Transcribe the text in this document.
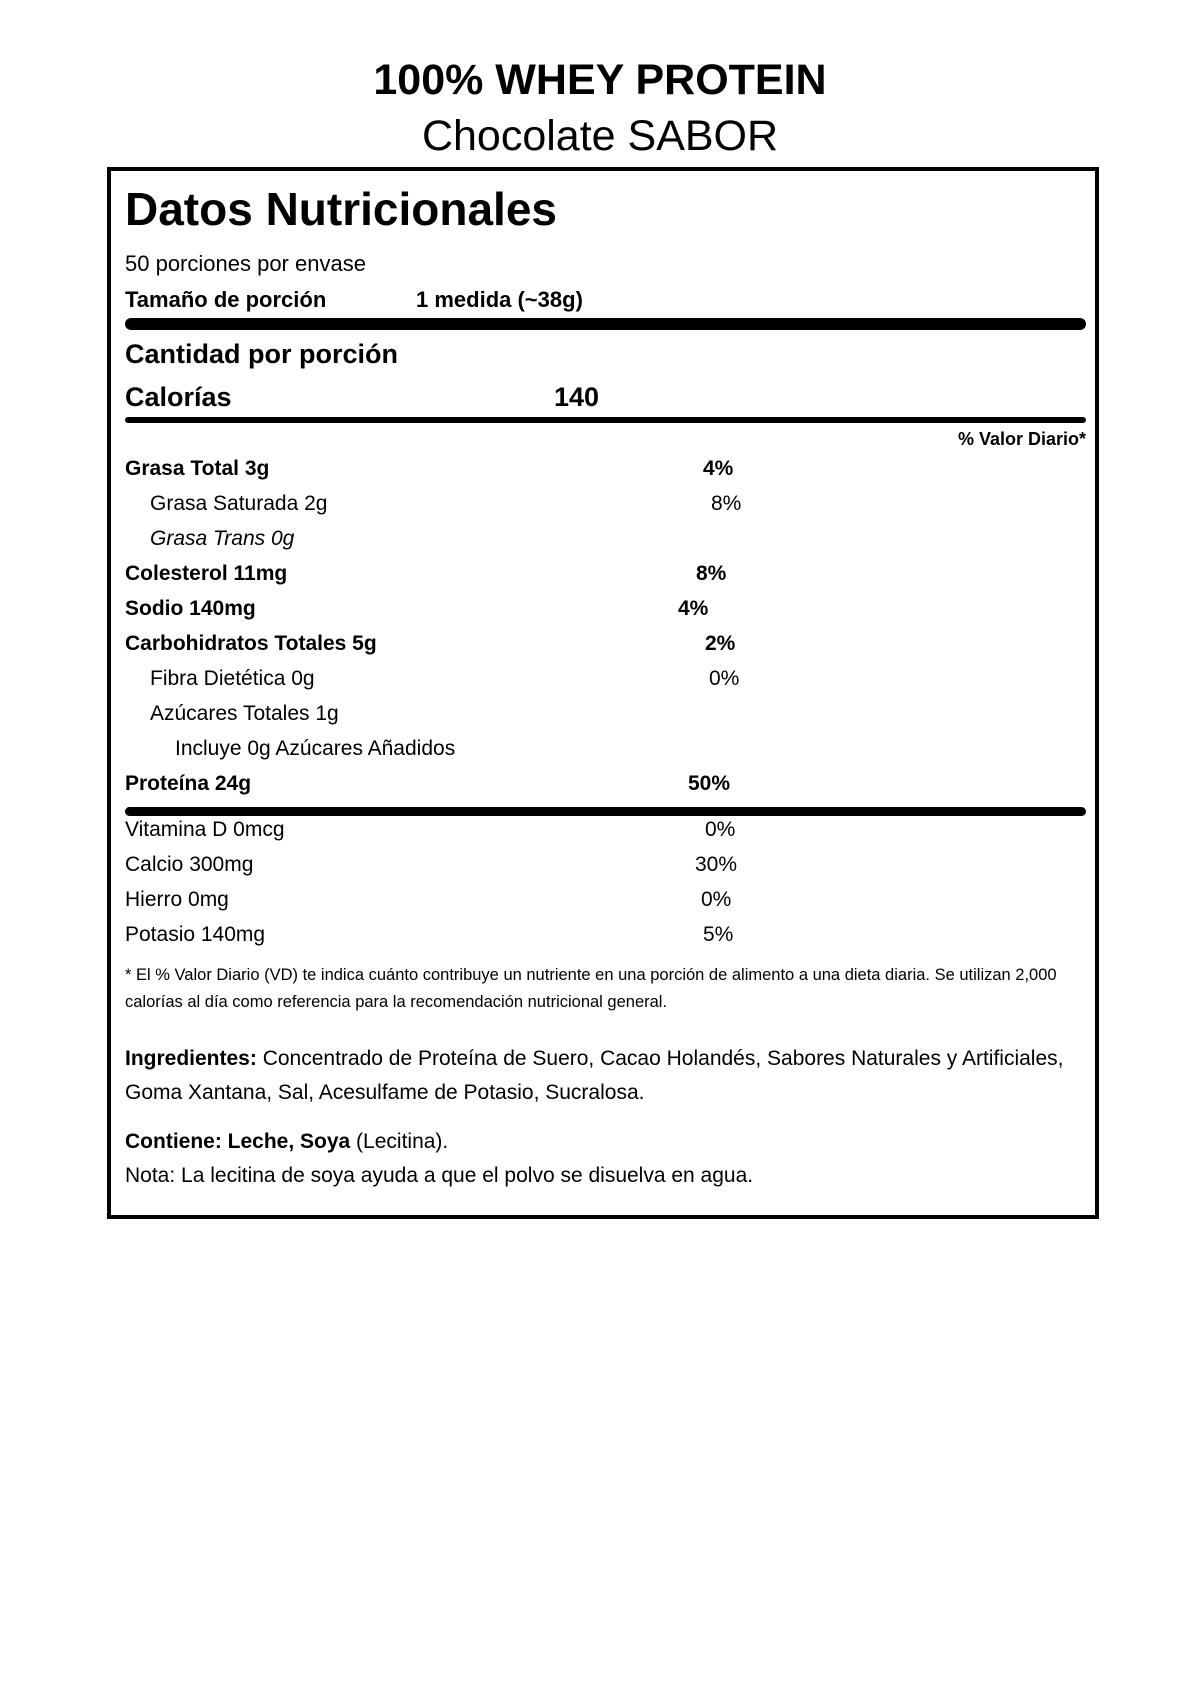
100% WHEY PROTEIN
Chocolate SABOR
Datos Nutricionales
50 porciones por envase
Tamaño de porción	1 medida (~38g)
Cantidad por porción
Calorías	140
% Valor Diario*
Grasa Total 3g	4%
Grasa Saturada 2g	8%
Grasa Trans 0g
Colesterol 11mg	8%
Sodio 140mg	4%
Carbohidratos Totales 5g	2%
Fibra Dietética 0g	0%
Azúcares Totales 1g
Incluye 0g Azúcares Añadidos
Proteína 24g	50%
Vitamina D 0mcg	0%
Calcio 300mg	30%
Hierro 0mg	0%
Potasio 140mg	5%
* El % Valor Diario (VD) te indica cuánto contribuye un nutriente en una porción de alimento a una dieta diaria. Se utilizan 2,000 calorías al día como referencia para la recomendación nutricional general.
Ingredientes: Concentrado de Proteína de Suero, Cacao Holandés, Sabores Naturales y Artificiales, Goma Xantana, Sal, Acesulfame de Potasio, Sucralosa.
Contiene: Leche, Soya (Lecitina).
Nota: La lecitina de soya ayuda a que el polvo se disuelva en agua.
